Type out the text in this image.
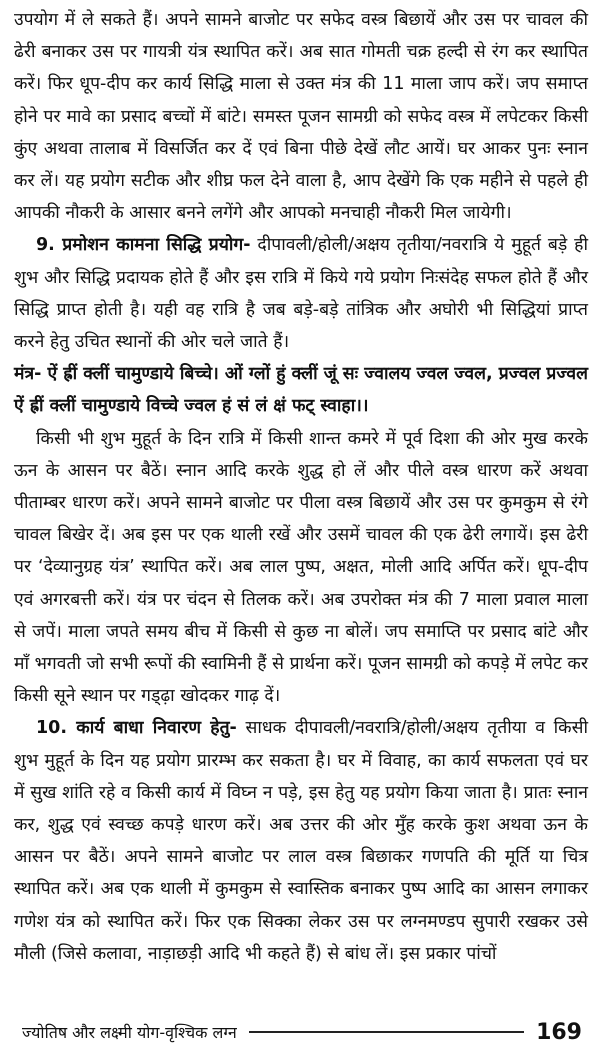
उपयोग में ले सकते हैं। अपने सामने बाजोट पर सफेद वस्त्र बिछायें और उस पर चावल की ढेरी बनाकर उस पर गायत्री यंत्र स्थापित करें। अब सात गोमती चक्र हल्दी से रंग कर स्थापित करें। फिर धूप-दीप कर कार्य सिद्धि माला से उक्त मंत्र की 11 माला जाप करें। जप समाप्त होने पर मावे का प्रसाद बच्चों में बांटे। समस्त पूजन सामग्री को सफेद वस्त्र में लपेटकर किसी कुंए अथवा तालाब में विसर्जित कर दें एवं बिना पीछे देखें लौट आयें। घर आकर पुनः स्नान कर लें। यह प्रयोग सटीक और शीघ्र फल देने वाला है, आप देखेंगे कि एक महीने से पहले ही आपकी नौकरी के आसार बनने लगेंगे और आपको मनचाही नौकरी मिल जायेगी।

9. प्रमोशन कामना सिद्धि प्रयोग- दीपावली/होली/अक्षय तृतीया/नवरात्रि ये मुहूर्त बड़े ही शुभ और सिद्धि प्रदायक होते हैं और इस रात्रि में किये गये प्रयोग निःसंदेह सफल होते हैं और सिद्धि प्राप्त होती है। यही वह रात्रि है जब बड़े-बड़े तांत्रिक और अघोरी भी सिद्धियां प्राप्त करने हेतु उचित स्थानों की ओर चले जाते हैं।

मंत्र- ऐं ह्रीं क्लीं चामुण्डाये बिच्चे। ओं ग्लों हुं क्लीं जूं सः ज्वालय ज्वल ज्वल, प्रज्वल प्रज्वल ऐं ह्रीं क्लीं चामुण्डाये विच्चे ज्वल हं सं लं क्षं फट् स्वाहा।।

किसी भी शुभ मुहूर्त के दिन रात्रि में किसी शान्त कमरे में पूर्व दिशा की ओर मुख करके ऊन के आसन पर बैठें। स्नान आदि करके शुद्ध हो लें और पीले वस्त्र धारण करें अथवा पीताम्बर धारण करें। अपने सामने बाजोट पर पीला वस्त्र बिछायें और उस पर कुमकुम से रंगे चावल बिखेर दें। अब इस पर एक थाली रखें और उसमें चावल की एक ढेरी लगायें। इस ढेरी पर ‘देव्यानुग्रह यंत्र’ स्थापित करें। अब लाल पुष्प, अक्षत, मोली आदि अर्पित करें। धूप-दीप एवं अगरबत्ती करें। यंत्र पर चंदन से तिलक करें। अब उपरोक्त मंत्र की 7 माला प्रवाल माला से जपें। माला जपते समय बीच में किसी से कुछ ना बोलें। जप समाप्ति पर प्रसाद बांटे और माँ भगवती जो सभी रूपों की स्वामिनी हैं से प्रार्थना करें। पूजन सामग्री को कपड़े में लपेट कर किसी सूने स्थान पर गड्ढ़ा खोदकर गाढ़ दें।

10. कार्य बाधा निवारण हेतु- साधक दीपावली/नवरात्रि/होली/अक्षय तृतीया व किसी शुभ मुहूर्त के दिन यह प्रयोग प्रारम्भ कर सकता है। घर में विवाह, का कार्य सफलता एवं घर में सुख शांति रहे व किसी कार्य में विघ्न न पड़े, इस हेतु यह प्रयोग किया जाता है। प्रातः स्नान कर, शुद्ध एवं स्वच्छ कपड़े धारण करें। अब उत्तर की ओर मुँह करके कुश अथवा ऊन के आसन पर बैठें। अपने सामने बाजोट पर लाल वस्त्र बिछाकर गणपति की मूर्ति या चित्र स्थापित करें। अब एक थाली में कुमकुम से स्वास्तिक बनाकर पुष्प आदि का आसन लगाकर गणेश यंत्र को स्थापित करें। फिर एक सिक्का लेकर उस पर लग्नमण्डप सुपारी रखकर उसे मौली (जिसे कलावा, नाड़ाछड़ी आदि भी कहते हैं) से बांध लें। इस प्रकार पांचों

ज्योतिष और लक्ष्मी योग-वृश्चिक लग्न	169
